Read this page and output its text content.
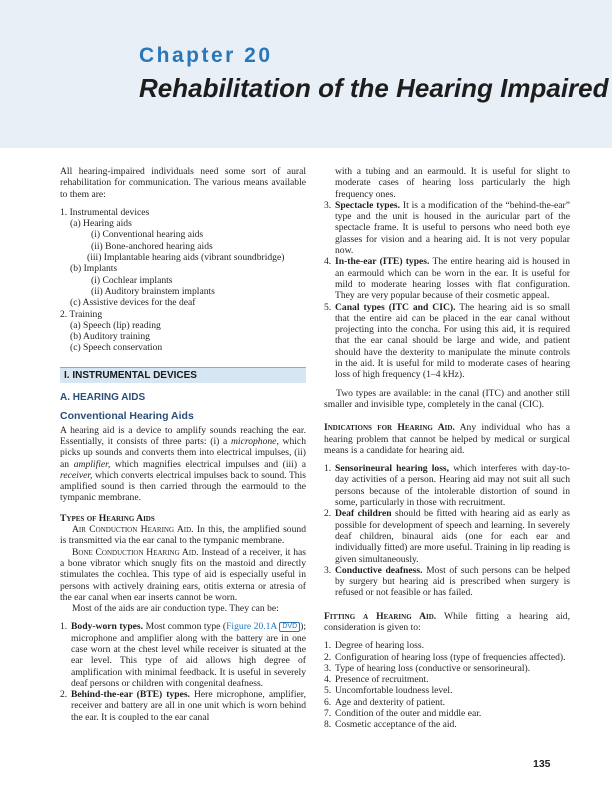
Chapter 20
Rehabilitation of the Hearing Impaired

All hearing-impaired individuals need some sort of aural rehabilitation for communication. The various means available to them are:

1. Instrumental devices
(a) Hearing aids
(i) Conventional hearing aids
(ii) Bone-anchored hearing aids
(iii) Implantable hearing aids (vibrant soundbridge)
(b) Implants
(i) Cochlear implants
(ii) Auditory brainstem implants
(c) Assistive devices for the deaf
2. Training
(a) Speech (lip) reading
(b) Auditory training
(c) Speech conservation
I. INSTRUMENTAL DEVICES
A. HEARING AIDS
Conventional Hearing Aids

A hearing aid is a device to amplify sounds reaching the ear. Essentially, it consists of three parts: (i) a microphone, which picks up sounds and converts them into electrical impulses, (ii) an amplifier, which magnifies electrical impulses and (iii) a receiver, which converts electrical impulses back to sound. This amplified sound is then carried through the earmould to the tympanic membrane.

Types of Hearing Aids

Air Conduction Hearing Aid. In this, the amplified sound is transmitted via the ear canal to the tympanic membrane.

Bone Conduction Hearing Aid. Instead of a receiver, it has a bone vibrator which snugly fits on the mastoid and directly stimulates the cochlea. This type of aid is especially useful in persons with actively draining ears, otitis externa or atresia of the ear canal when ear inserts cannot be worn.

Most of the aids are air conduction type. They can be:

1. Body-worn types. Most common type (Figure 20.1A DVD ); microphone and amplifier along with the battery are in one case worn at the chest level while receiver is situated at the ear level. This type of aid allows high degree of amplification with minimal feedback. It is useful in severely deaf persons or children with congenital deafness.
2. Behind-the-ear (BTE) types. Here microphone, amplifier, receiver and battery are all in one unit which is worn behind the ear. It is coupled to the ear canal
with a tubing and an earmould. It is useful for slight to moderate cases of hearing loss particularly the high frequency ones.
3. Spectacle types. It is a modification of the “behind-the-ear” type and the unit is housed in the auricular part of the spectacle frame. It is useful to persons who need both eye glasses for vision and a hearing aid. It is not very popular now.
4. In-the-ear (ITE) types. The entire hearing aid is housed in an earmould which can be worn in the ear. It is useful for mild to moderate hearing losses with flat configuration. They are very popular because of their cosmetic appeal.
5. Canal types (ITC and CIC). The hearing aid is so small that the entire aid can be placed in the ear canal without projecting into the concha. For using this aid, it is required that the ear canal should be large and wide, and patient should have the dexterity to manipulate the minute controls in the aid. It is useful for mild to moderate cases of hearing loss of high frequency (1–4 kHz).

Two types are available: in the canal (ITC) and another still smaller and invisible type, completely in the canal (CIC).

Indications for Hearing Aid. Any individual who has a hearing problem that cannot be helped by medical or surgical means is a candidate for hearing aid.

1. Sensorineural hearing loss, which interferes with day-to-day activities of a person. Hearing aid may not suit all such persons because of the intolerable distortion of sound in some, particularly in those with recruitment.
2. Deaf children should be fitted with hearing aid as early as possible for development of speech and learning. In severely deaf children, binaural aids (one for each ear and individually fitted) are more useful. Training in lip reading is given simultaneously.
3. Conductive deafness. Most of such persons can be helped by surgery but hearing aid is prescribed when surgery is refused or not feasible or has failed.

Fitting a Hearing Aid. While fitting a hearing aid, consideration is given to:

1. Degree of hearing loss.
2. Configuration of hearing loss (type of frequencies affected).
3. Type of hearing loss (conductive or sensorineural).
4. Presence of recruitment.
5. Uncomfortable loudness level.
6. Age and dexterity of patient.
7. Condition of the outer and middle ear.
8. Cosmetic acceptance of the aid.
135
